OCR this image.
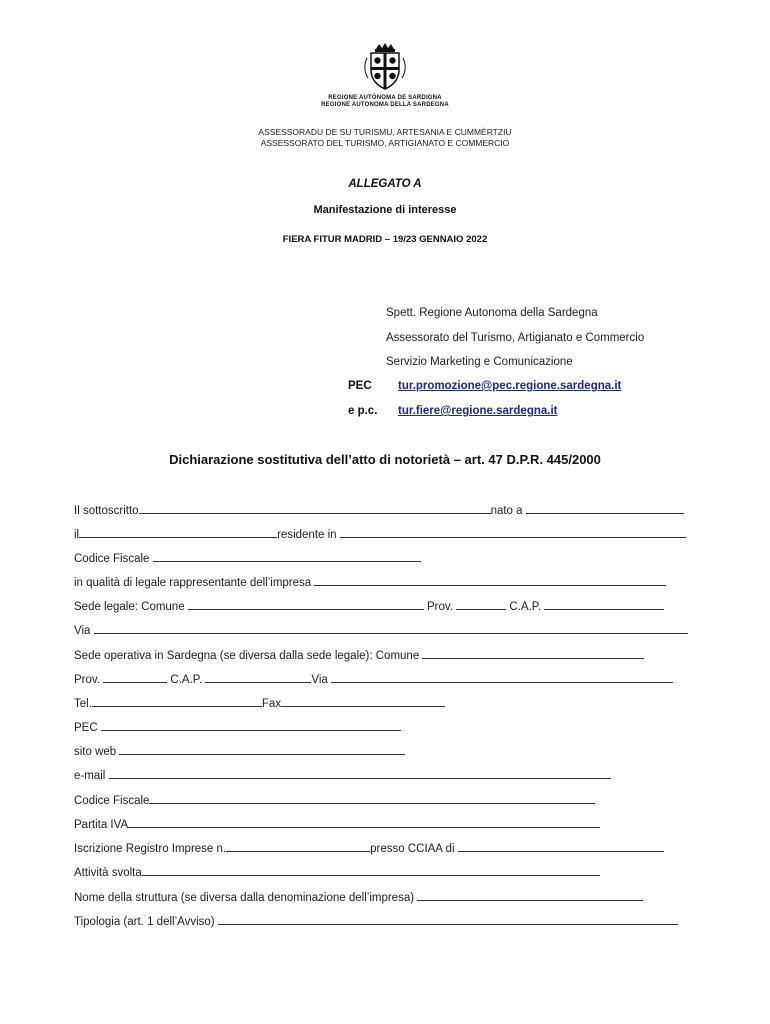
REGIONE AUTÒNOMA DE SARDIGNA
REGIONE AUTONOMA DELLA SARDEGNA
ASSESSORADU DE SU TURISMU, ARTESANIA E CUMMÈRTZIU
ASSESSORATO DEL TURISMO, ARTIGIANATO E COMMERCIO
ALLEGATO A
Manifestazione di interesse
FIERA FITUR MADRID – 19/23 GENNAIO 2022
Spett. Regione Autonoma della Sardegna
Assessorato del Turismo, Artigianato e Commercio
Servizio Marketing e Comunicazione
PEC tur.promozione@pec.regione.sardegna.it
e p.c. tur.fiere@regione.sardegna.it
Dichiarazione sostitutiva dell’atto di notorietà – art. 47 D.P.R. 445/2000
Il sottoscritto	nato a
il	residente in
Codice Fiscale
in qualità di legale rappresentante dell’impresa
Sede legale: Comune	Prov.	C.A.P.
Via
Sede operativa in Sardegna (se diversa dalla sede legale): Comune
Prov.	C.A.P.	Via
Tel.	Fax
PEC
sito web
e-mail
Codice Fiscale
Partita IVA
Iscrizione Registro Imprese n.	presso CCIAA di
Attività svolta
Nome della struttura (se diversa dalla denominazione dell’impresa)
Tipologia (art. 1 dell’Avviso)
